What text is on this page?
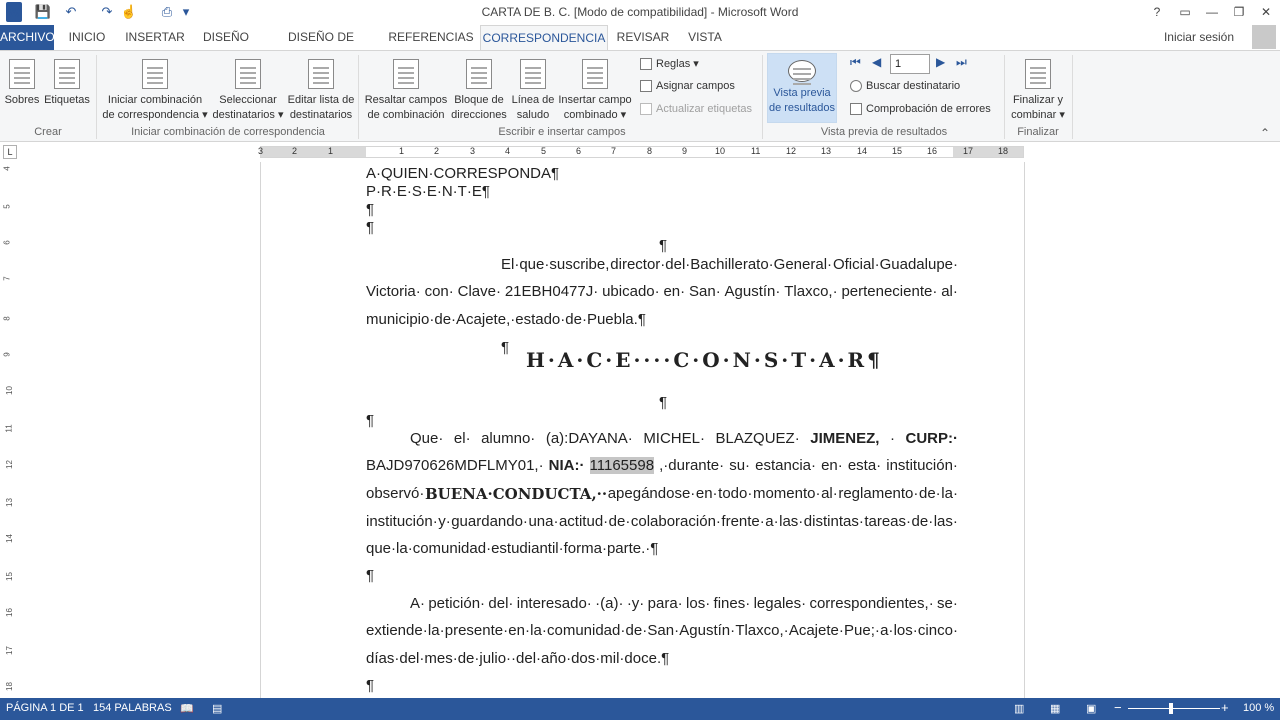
W 💾 ↶ ↷ ☝ ⎙ ▾	CARTA DE B. C. [Modo de compatibilidad] - Microsoft Word	?	▭	—	❐	✕
ARCHIVO	INICIO	INSERTAR	DISEÑO	DISEÑO DE	REFERENCIAS CORRESPONDENCIA REVISAR	VISTA	Iniciar sesión
Sobres Etiquetas
Crear
Iniciar combinación
de correspondencia ▾
Seleccionar
destinatarios ▾
Editar lista de
destinatarios
Iniciar combinación de correspondencia
Resaltar campos
de combinación
Bloque de
direcciones
Línea de
saludo
Insertar campo
combinado ▾
Reglas ▾
Asignar campos
Actualizar etiquetas
Escribir e insertar campos
Vista previa
de resultados
⏮ ◀	1	▶ ⏭
Buscar destinatario
Comprobación de errores
Vista previa de resultados
Finalizar y
combinar ▾
Finalizar	⌃
L	3	2	1	1	2	3	4	5	6	7	8	9	10	11	12	13	14	15	16	17	18
4
5
6
7
8
9
10
11
12
13
14
15
16
17
18
A·QUIEN·CORRESPONDA¶
P·R·E·S·E·N·T·E¶
¶
¶
¶
El·que·suscribe, director·del·Bachillerato·General· Oficial·Guadalupe·
Victoria· con· Clave· 21EBH0477J· ubicado· en· San· Agustín· Tlaxco,· perteneciente· al·
municipio·de·Acajete,·estado·de·Puebla.¶
¶
H·A·C·E····C·O·N·S·T·A·R¶
¶
¶
Que· el· alumno· (a):DAYANA· MICHEL· BLAZQUEZ· JIMENEZ, · CURP:·
BAJD970626MDFLMY01,· NIA:· 11165598 ,·durante· su· estancia· en· esta· institución·
observó· BUENA·CONDUCTA,·· apegándose· en· todo· momento· al· reglamento· de· la·
institución· y· guardando· una· actitud· de· colaboración· frente· a· las· distintas· tareas· de· las·
que·la·comunidad·estudiantil·forma·parte.·¶
¶
A· petición· del· interesado· ·(a)· ·y· para· los· fines· legales· correspondientes,· se·
extiende· la· presente· en· la· comunidad· de· San· Agustín· Tlaxco,· Acajete· Pue;· a· los· cinco·
días·del·mes·de·julio··del·año·dos·mil·doce.¶
¶
PÁGINA 1 DE 1 154 PALABRAS 📖 ▤	▥ ▦ ▣ −	+ 100 %
